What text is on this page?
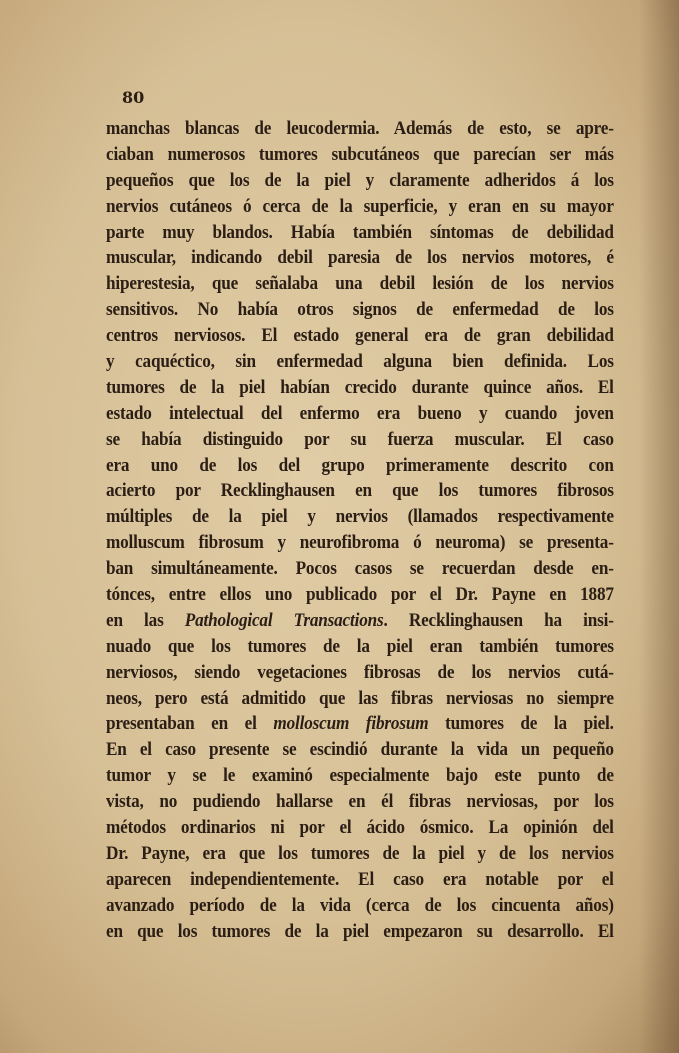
80
manchas blancas de leucodermia. Además de esto, se apre-
ciaban numerosos tumores subcutáneos que parecían ser más
pequeños que los de la piel y claramente adheridos á los
nervios cutáneos ó cerca de la superficie, y eran en su mayor
parte muy blandos. Había también síntomas de debilidad
muscular, indicando debil paresia de los nervios motores, é
hiperestesia, que señalaba una debil lesión de los nervios
sensitivos. No había otros signos de enfermedad de los
centros nerviosos. El estado general era de gran debilidad
y caquéctico, sin enfermedad alguna bien definida. Los
tumores de la piel habían crecido durante quince años. El
estado intelectual del enfermo era bueno y cuando joven
se había distinguido por su fuerza muscular. El caso
era uno de los del grupo primeramente descrito con
acierto por Recklinghausen en que los tumores fibrosos
múltiples de la piel y nervios (llamados respectivamente
molluscum fibrosum y neurofibroma ó neuroma) se presenta-
ban simultáneamente. Pocos casos se recuerdan desde en-
tónces, entre ellos uno publicado por el Dr. Payne en 1887
en las Pathological Transactions. Recklinghausen ha insi-
nuado que los tumores de la piel eran también tumores
nerviosos, siendo vegetaciones fibrosas de los nervios cutá-
neos, pero está admitido que las fibras nerviosas no siempre
presentaban en el molloscum fibrosum tumores de la piel.
En el caso presente se escindió durante la vida un pequeño
tumor y se le examinó especialmente bajo este punto de
vista, no pudiendo hallarse en él fibras nerviosas, por los
métodos ordinarios ni por el ácido ósmico. La opinión del
Dr. Payne, era que los tumores de la piel y de los nervios
aparecen independientemente. El caso era notable por el
avanzado período de la vida (cerca de los cincuenta años)
en que los tumores de la piel empezaron su desarrollo. El
